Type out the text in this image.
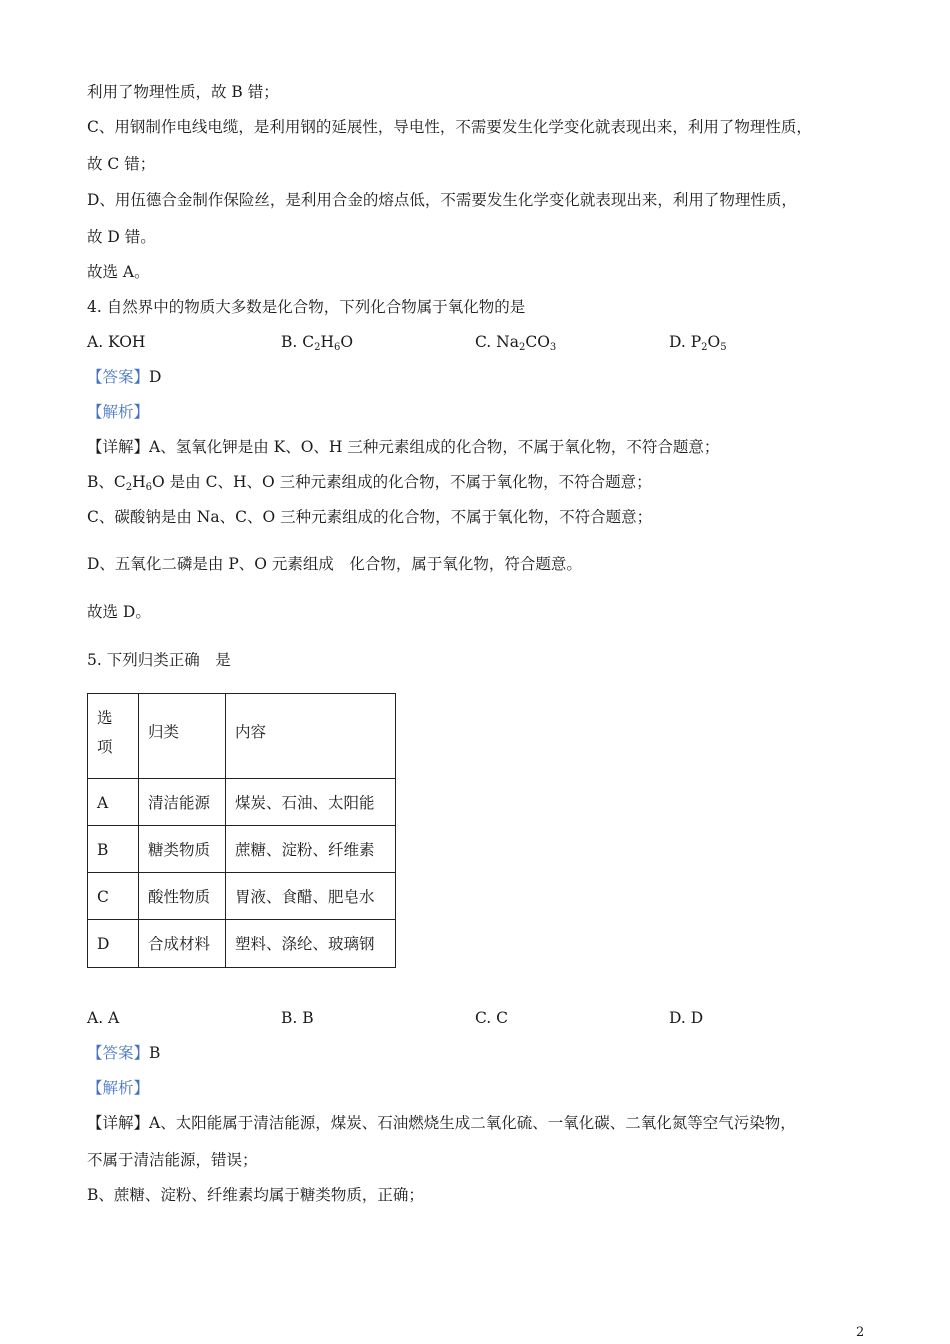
利用了物理性质，故 B 错；
C、用钢制作电线电缆，是利用钢的延展性，导电性，不需要发生化学变化就表现出来，利用了物理性质，
故 C 错；
D、用伍德合金制作保险丝，是利用合金的熔点低，不需要发生化学变化就表现出来，利用了物理性质，
故 D 错。
故选 A。
4. 自然界中的物质大多数是化合物，下列化合物属于氧化物的是
A. KOH	B. $C_2H_6O$	C. $Na_2CO_3$	D. $P_2O_5$
【答案】D
【解析】
【详解】A、氢氧化钾是由 K、O、H 三种元素组成的化合物，不属于氧化物，不符合题意；
B、$C_2H_6O$ 是由 C、H、O 三种元素组成的化合物，不属于氧化物，不符合题意；
C、碳酸钠是由 Na、C、O 三种元素组成的化合物，不属于氧化物，不符合题意；
D、五氧化二磷是由 P、O 元素组成　化合物，属于氧化物，符合题意。
故选 D。
5. 下列归类正确　是
选项	归类	内容
A	清洁能源	煤炭、石油、太阳能
B	糖类物质	蔗糖、淀粉、纤维素
C	酸性物质	胃液、食醋、肥皂水
D	合成材料	塑料、涤纶、玻璃钢
A. A	B. B	C. C	D. D
【答案】B
【解析】
【详解】A、太阳能属于清洁能源，煤炭、石油燃烧生成二氧化硫、一氧化碳、二氧化氮等空气污染物，
不属于清洁能源，错误；
B、蔗糖、淀粉、纤维素均属于糖类物质，正确；
2
